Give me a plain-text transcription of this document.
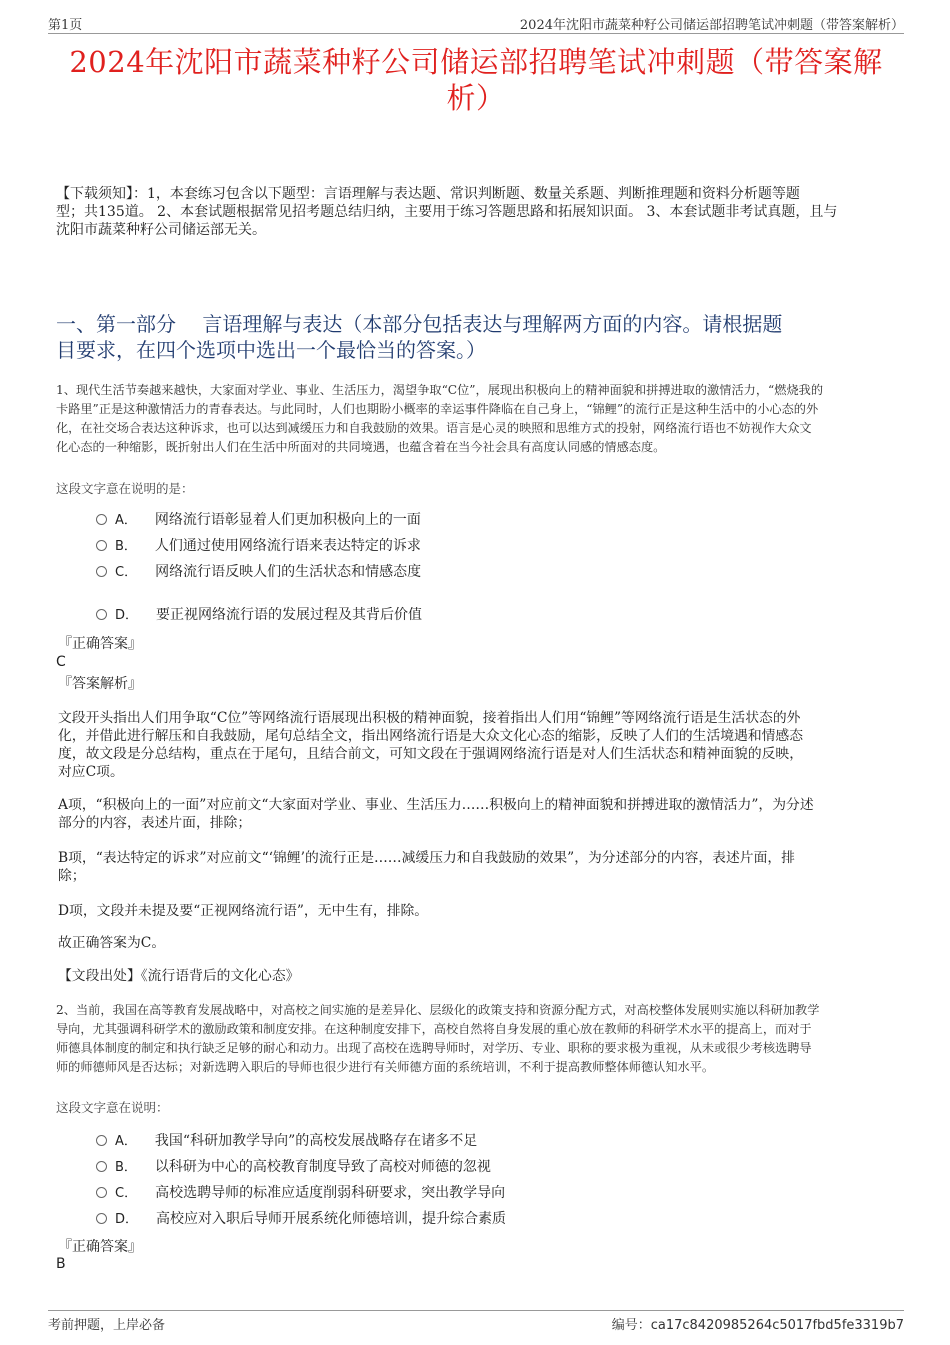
第1页	2024年沈阳市蔬菜种籽公司储运部招聘笔试冲刺题（带答案解析）
2024年沈阳市蔬菜种籽公司储运部招聘笔试冲刺题（带答案解
析）
【下载须知】：1，本套练习包含以下题型：言语理解与表达题、常识判断题、数量关系题、判断推理题和资料分析题等题
型；共135道。 2、本套试题根据常见招考题总结归纳，主要用于练习答题思路和拓展知识面。 3、本套试题非考试真题，且与
沈阳市蔬菜种籽公司储运部无关。
一、第一部分　 言语理解与表达（本部分包括表达与理解两方面的内容。请根据题
目要求，在四个选项中选出一个最恰当的答案。）
1、现代生活节奏越来越快，大家面对学业、事业、生活压力，渴望争取“C位”，展现出积极向上的精神面貌和拼搏进取的激情活力，“燃烧我的
卡路里”正是这种激情活力的青春表达。与此同时，人们也期盼小概率的幸运事件降临在自己身上，“锦鲤”的流行正是这种生活中的小心态的外
化，在社交场合表达这种诉求，也可以达到减缓压力和自我鼓励的效果。语言是心灵的映照和思维方式的投射，网络流行语也不妨视作大众文
化心态的一种缩影，既折射出人们在生活中所面对的共同境遇，也蕴含着在当今社会具有高度认同感的情感态度。
这段文字意在说明的是：
A． 网络流行语彰显着人们更加积极向上的一面
B． 人们通过使用网络流行语来表达特定的诉求
C． 网络流行语反映人们的生活状态和情感态度
D． 要正视网络流行语的发展过程及其背后价值
『正确答案』
C
『答案解析』
文段开头指出人们用争取“C位”等网络流行语展现出积极的精神面貌，接着指出人们用“锦鲤”等网络流行语是生活状态的外
化，并借此进行解压和自我鼓励，尾句总结全文，指出网络流行语是大众文化心态的缩影，反映了人们的生活境遇和情感态
度，故文段是分总结构，重点在于尾句，且结合前文，可知文段在于强调网络流行语是对人们生活状态和精神面貌的反映，
对应C项。
A项，“积极向上的一面”对应前文“大家面对学业、事业、生活压力……积极向上的精神面貌和拼搏进取的激情活力”，为分述
部分的内容，表述片面，排除；
B项，“表达特定的诉求”对应前文“‘锦鲤’的流行正是……减缓压力和自我鼓励的效果”，为分述部分的内容，表述片面，排
除；
D项，文段并未提及要“正视网络流行语”，无中生有，排除。
故正确答案为C。
【文段出处】《流行语背后的文化心态》
2、当前，我国在高等教育发展战略中，对高校之间实施的是差异化、层级化的政策支持和资源分配方式，对高校整体发展则实施以科研加教学
导向，尤其强调科研学术的激励政策和制度安排。在这种制度安排下，高校自然将自身发展的重心放在教师的科研学术水平的提高上，而对于
师德具体制度的制定和执行缺乏足够的耐心和动力。出现了高校在选聘导师时，对学历、专业、职称的要求极为重视，从未或很少考核选聘导
师的师德师风是否达标；对新选聘入职后的导师也很少进行有关师德方面的系统培训，不利于提高教师整体师德认知水平。
这段文字意在说明：
A． 我国“科研加教学导向”的高校发展战略存在诸多不足
B． 以科研为中心的高校教育制度导致了高校对师德的忽视
C． 高校选聘导师的标准应适度削弱科研要求，突出教学导向
D． 高校应对入职后导师开展系统化师德培训，提升综合素质
『正确答案』
B
考前押题，上岸必备	编号：ca17c8420985264c5017fbd5fe3319b7
